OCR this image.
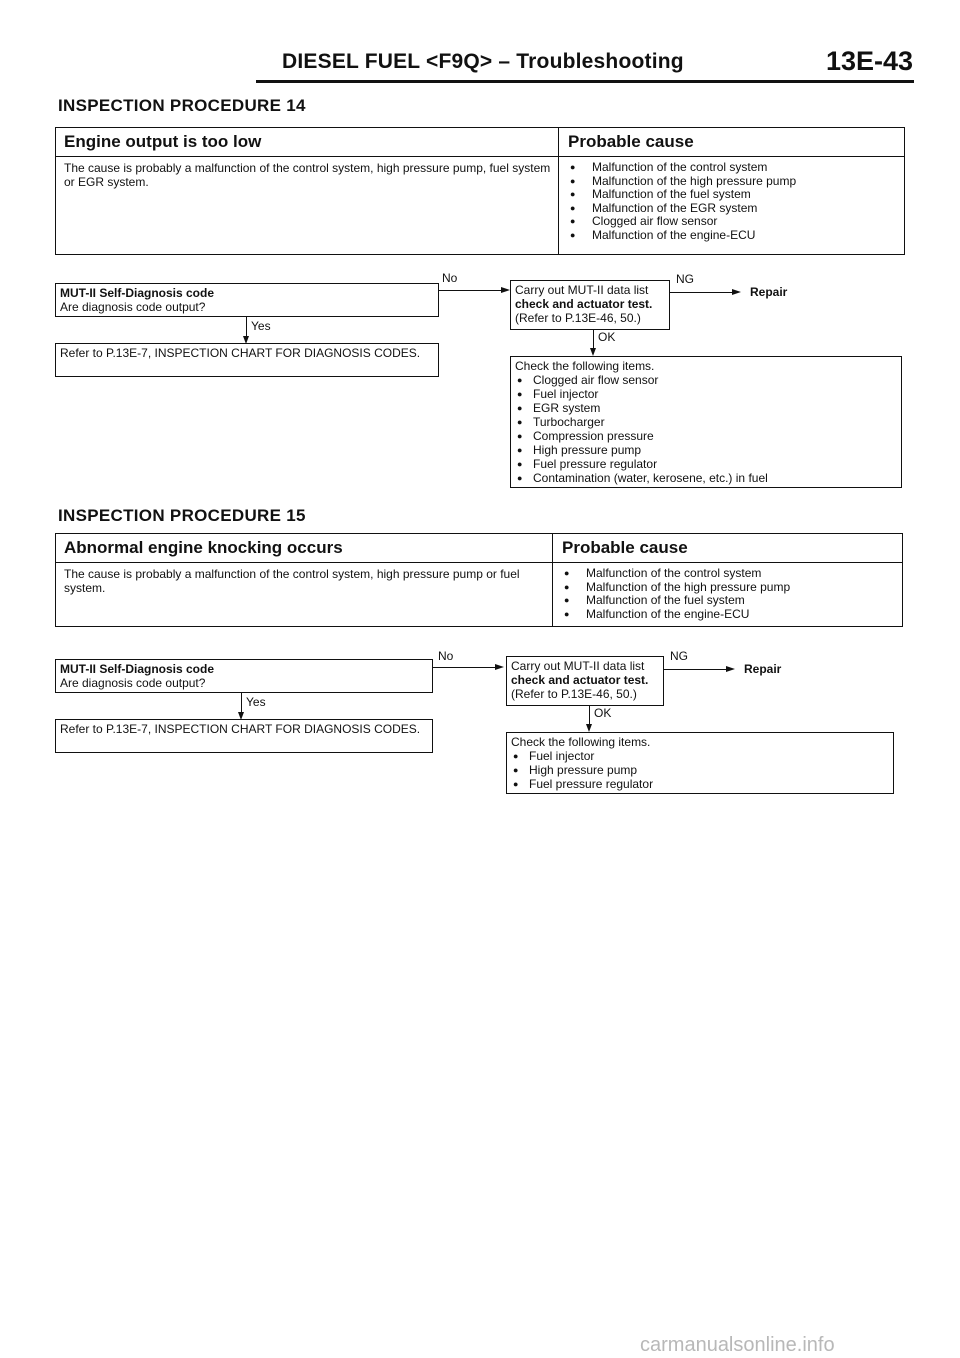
DIESEL FUEL <F9Q> – Troubleshooting	13E-43
INSPECTION PROCEDURE 14
Engine output is too low	Probable cause
The cause is probably a malfunction of the control system, high pressure pump, fuel system or EGR system.
● Malfunction of the control system
● Malfunction of the high pressure pump
● Malfunction of the fuel system
● Malfunction of the EGR system
● Clogged air flow sensor
● Malfunction of the engine-ECU
MUT-II Self-Diagnosis code
Are diagnosis code output?
No
Yes
Refer to P.13E-7, INSPECTION CHART FOR DIAGNOSIS CODES.
Carry out MUT-II data list
check and actuator test.
(Refer to P.13E-46, 50.)
NG
Repair
OK
Check the following items.
● Clogged air flow sensor
● Fuel injector
● EGR system
● Turbocharger
● Compression pressure
● High pressure pump
● Fuel pressure regulator
● Contamination (water, kerosene, etc.) in fuel
INSPECTION PROCEDURE 15
Abnormal engine knocking occurs	Probable cause
The cause is probably a malfunction of the control system, high pressure pump or fuel system.
● Malfunction of the control system
● Malfunction of the high pressure pump
● Malfunction of the fuel system
● Malfunction of the engine-ECU
MUT-II Self-Diagnosis code
Are diagnosis code output?
No
Yes
Refer to P.13E-7, INSPECTION CHART FOR DIAGNOSIS CODES.
Carry out MUT-II data list
check and actuator test.
(Refer to P.13E-46, 50.)
NG
Repair
OK
Check the following items.
● Fuel injector
● High pressure pump
● Fuel pressure regulator
carmanualsonline.info
